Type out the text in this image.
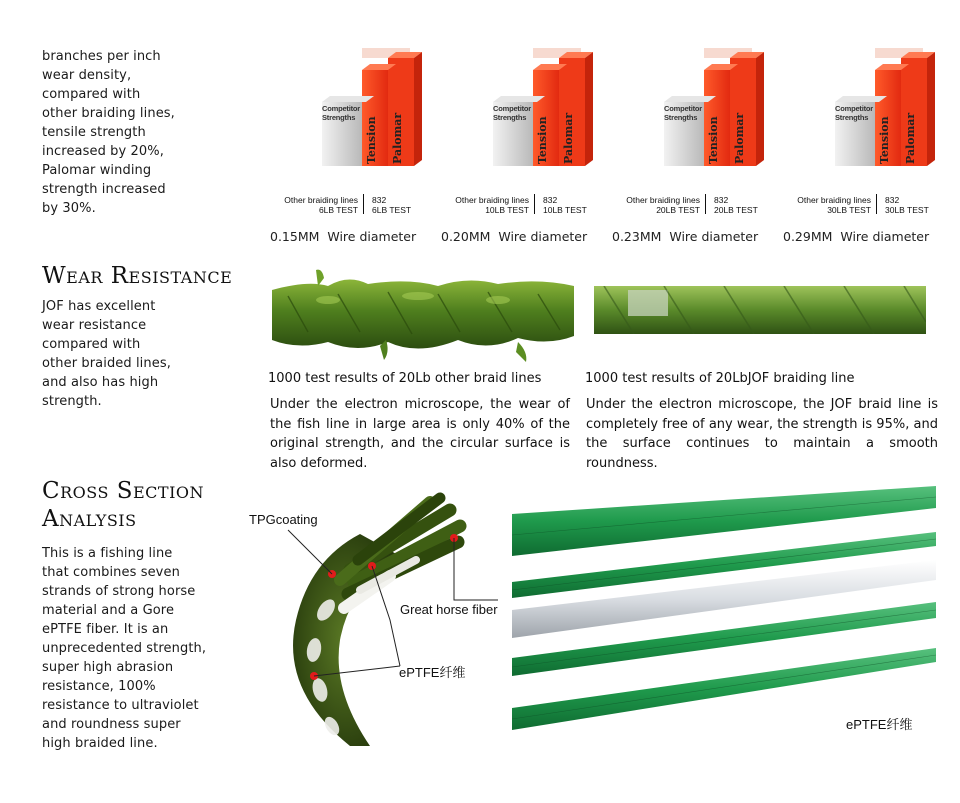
branches per inch
wear density,
compared with
other braiding lines,
tensile strength
increased by 20%,
Palomar winding
strength increased
by 30%.
Competitor Strengths Tension	Palomar
Other braiding lines
6LB TEST
832
6LB TEST
0.15MM Wire diameter
Competitor Strengths Tension	Palomar
Other braiding lines
10LB TEST
832
10LB TEST
0.20MM Wire diameter
Competitor Strengths Tension	Palomar
Other braiding lines
20LB TEST
832
20LB TEST
0.23MM Wire diameter
Competitor Strengths Tension	Palomar
Other braiding lines
30LB TEST
832
30LB TEST
0.29MM Wire diameter
Wear Resistance
JOF has excellent
wear resistance
compared with
other braided lines,
and also has high
strength.
1000 test results of 20Lb other braid lines	1000 test results of 20LbJOF braiding line
Under the electron microscope, the wear of the fish line in large area is only 40% of the original strength, and the circular surface is also deformed.
Under the electron microscope, the JOF braid line is completely free of any wear, the strength is 95%, and the surface continues to maintain a smooth roundness.
Cross Section
Analysis
This is a fishing line
that combines seven
strands of strong horse
material and a Gore
ePTFE fiber. It is an
unprecedented strength,
super high abrasion
resistance, 100%
resistance to ultraviolet
and roundness super
high braided line.
TPGcoating
Great horse fiber
ePTFE纤维
ePTFE纤维
